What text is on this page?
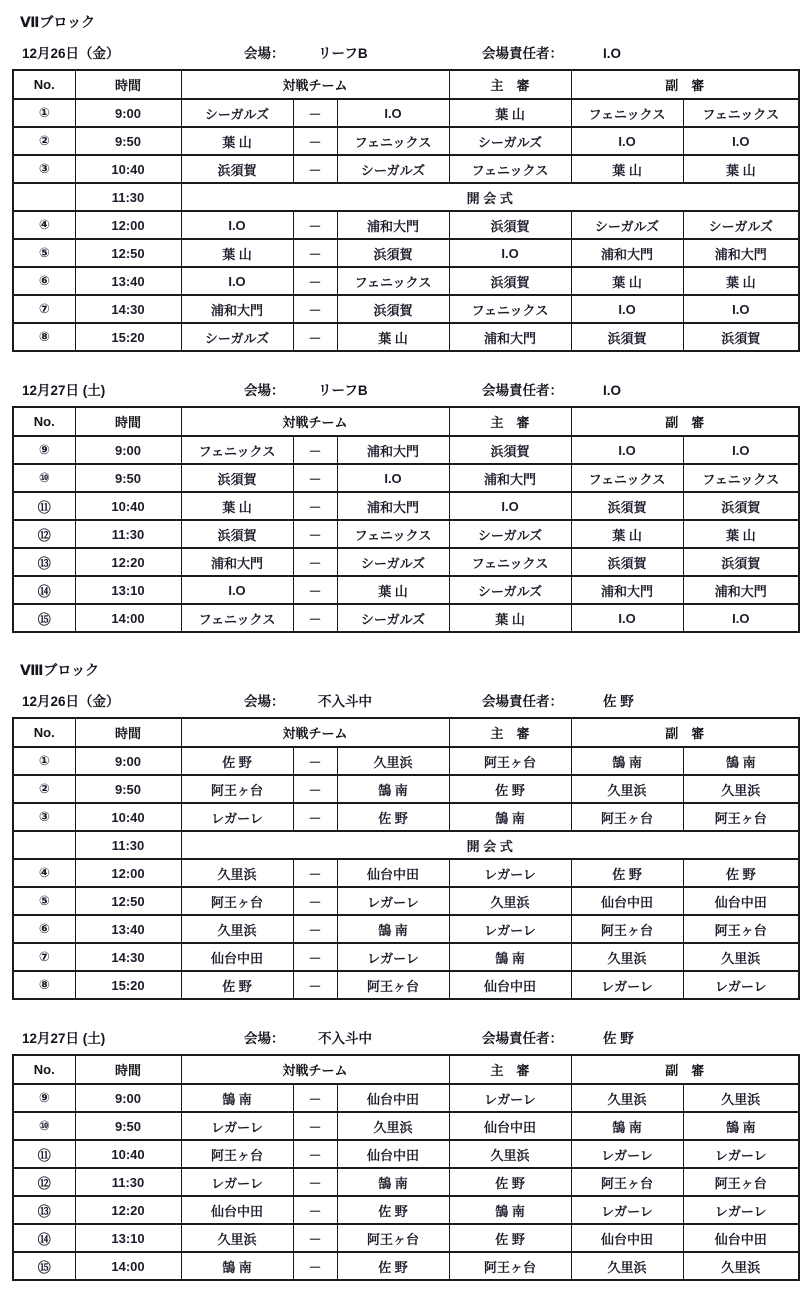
Ⅶブロック
12月26日（金）	会場：	リーフB	会場責任者：	I.O
No.	時間	対戦チーム			主　審	副　審	
①	9:00	シーガルズ	－	I.O	葉 山	フェニックス	フェニックス
②	9:50	葉 山	－	フェニックス	シーガルズ	I.O	I.O
③	10:40	浜須賀	－	シーガルズ	フェニックス	葉 山	葉 山
	11:30	開 会 式					
④	12:00	I.O	－	浦和大門	浜須賀	シーガルズ	シーガルズ
⑤	12:50	葉 山	－	浜須賀	I.O	浦和大門	浦和大門
⑥	13:40	I.O	－	フェニックス	浜須賀	葉 山	葉 山
⑦	14:30	浦和大門	－	浜須賀	フェニックス	I.O	I.O
⑧	15:20	シーガルズ	－	葉 山	浦和大門	浜須賀	浜須賀
12月27日 (土)	会場：	リーフB	会場責任者：	I.O
No.	時間	対戦チーム			主　審	副　審	
⑨	9:00	フェニックス	－	浦和大門	浜須賀	I.O	I.O
⑩	9:50	浜須賀	－	I.O	浦和大門	フェニックス	フェニックス
⑪	10:40	葉 山	－	浦和大門	I.O	浜須賀	浜須賀
⑫	11:30	浜須賀	－	フェニックス	シーガルズ	葉 山	葉 山
⑬	12:20	浦和大門	－	シーガルズ	フェニックス	浜須賀	浜須賀
⑭	13:10	I.O	－	葉 山	シーガルズ	浦和大門	浦和大門
⑮	14:00	フェニックス	－	シーガルズ	葉 山	I.O	I.O
Ⅷブロック
12月26日（金）	会場：	不入斗中	会場責任者：	佐 野
No.	時間	対戦チーム			主　審	副　審	
①	9:00	佐 野	－	久里浜	阿王ヶ台	鵠 南	鵠 南
②	9:50	阿王ヶ台	－	鵠 南	佐 野	久里浜	久里浜
③	10:40	レガーレ	－	佐 野	鵠 南	阿王ヶ台	阿王ヶ台
	11:30	開 会 式					
④	12:00	久里浜	－	仙台中田	レガーレ	佐 野	佐 野
⑤	12:50	阿王ヶ台	－	レガーレ	久里浜	仙台中田	仙台中田
⑥	13:40	久里浜	－	鵠 南	レガーレ	阿王ヶ台	阿王ヶ台
⑦	14:30	仙台中田	－	レガーレ	鵠 南	久里浜	久里浜
⑧	15:20	佐 野	－	阿王ヶ台	仙台中田	レガーレ	レガーレ
12月27日 (土)	会場：	不入斗中	会場責任者：	佐 野
No.	時間	対戦チーム			主　審	副　審	
⑨	9:00	鵠 南	－	仙台中田	レガーレ	久里浜	久里浜
⑩	9:50	レガーレ	－	久里浜	仙台中田	鵠 南	鵠 南
⑪	10:40	阿王ヶ台	－	仙台中田	久里浜	レガーレ	レガーレ
⑫	11:30	レガーレ	－	鵠 南	佐 野	阿王ヶ台	阿王ヶ台
⑬	12:20	仙台中田	－	佐 野	鵠 南	レガーレ	レガーレ
⑭	13:10	久里浜	－	阿王ヶ台	佐 野	仙台中田	仙台中田
⑮	14:00	鵠 南	－	佐 野	阿王ヶ台	久里浜	久里浜
